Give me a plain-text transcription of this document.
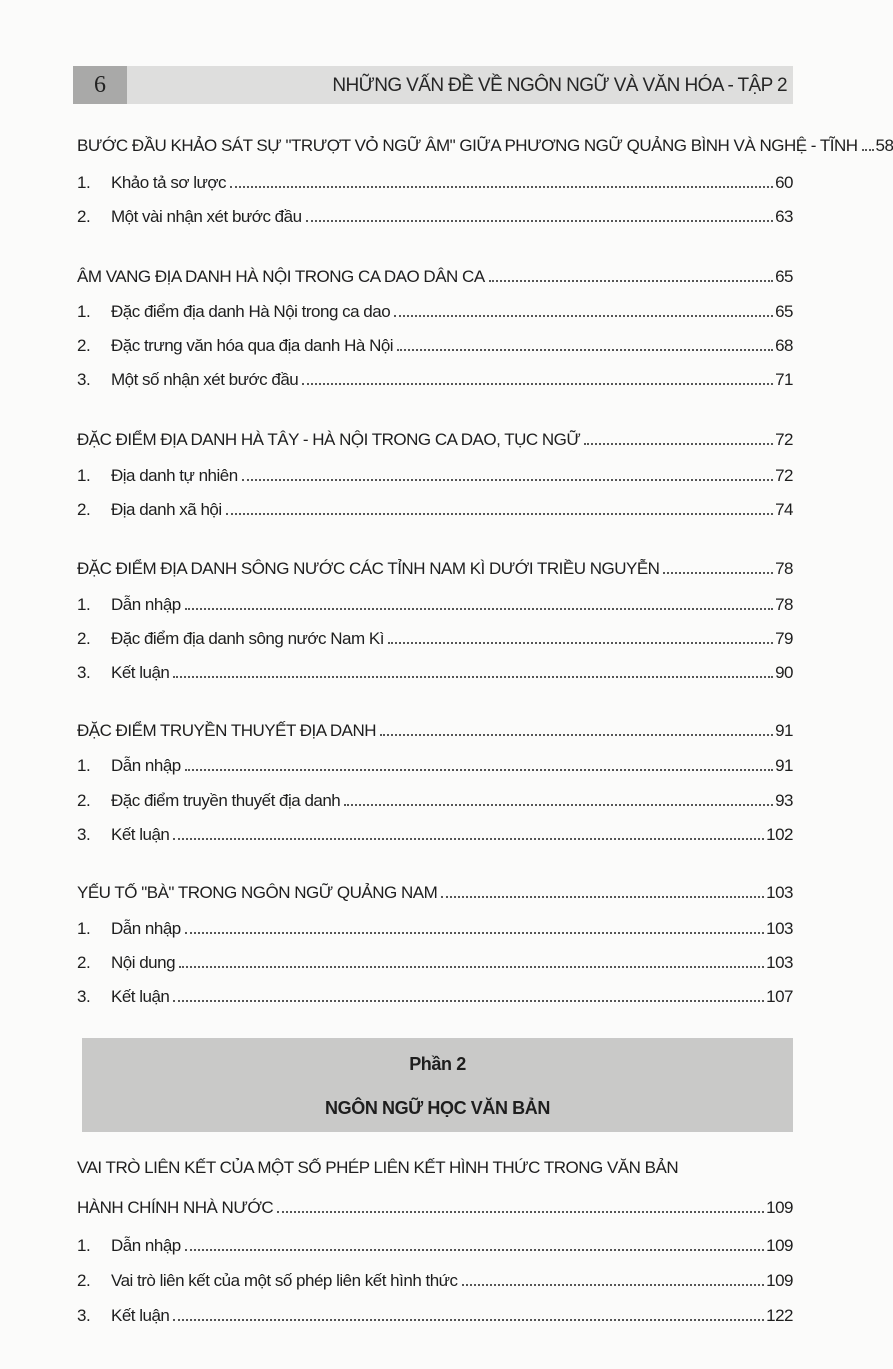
6	NHỮNG VẤN ĐỀ VỀ NGÔN NGỮ VÀ VĂN HÓA - TẬP 2
BƯỚC ĐẦU KHẢO SÁT SỰ "TRƯỢT VỎ NGỮ ÂM" GIỮA PHƯƠNG NGỮ QUẢNG BÌNH VÀ NGHỆ - TĨNH 58
1.	Khảo tả sơ lược	60
2.	Một vài nhận xét bước đầu	63
ÂM VANG ĐỊA DANH HÀ NỘI TRONG CA DAO DÂN CA	65
1.	Đặc điểm địa danh Hà Nội trong ca dao	65
2.	Đặc trưng văn hóa qua địa danh Hà Nội	68
3.	Một số nhận xét bước đầu	71
ĐẶC ĐIỂM ĐỊA DANH HÀ TÂY - HÀ NỘI TRONG CA DAO, TỤC NGỮ	72
1.	Địa danh tự nhiên	72
2.	Địa danh xã hội	74
ĐẶC ĐIỂM ĐỊA DANH SÔNG NƯỚC CÁC TỈNH NAM KÌ DƯỚI TRIỀU NGUYỄN	78
1.	Dẫn nhập	78
2.	Đặc điểm địa danh sông nước Nam Kì	79
3.	Kết luận	90
ĐẶC ĐIỂM TRUYỀN THUYẾT ĐỊA DANH	91
1.	Dẫn nhập	91
2.	Đặc điểm truyền thuyết địa danh	93
3.	Kết luận	102
YẾU TỐ "BÀ" TRONG NGÔN NGỮ QUẢNG NAM	103
1.	Dẫn nhập	103
2.	Nội dung	103
3.	Kết luận	107
VAI TRÒ LIÊN KẾT CỦA MỘT SỐ PHÉP LIÊN KẾT HÌNH THỨC TRONG VĂN BẢN
HÀNH CHÍNH NHÀ NƯỚC	109
1.	Dẫn nhập	109
2.	Vai trò liên kết của một số phép liên kết hình thức	109
3.	Kết luận	122
Phần 2
NGÔN NGỮ HỌC VĂN BẢN
